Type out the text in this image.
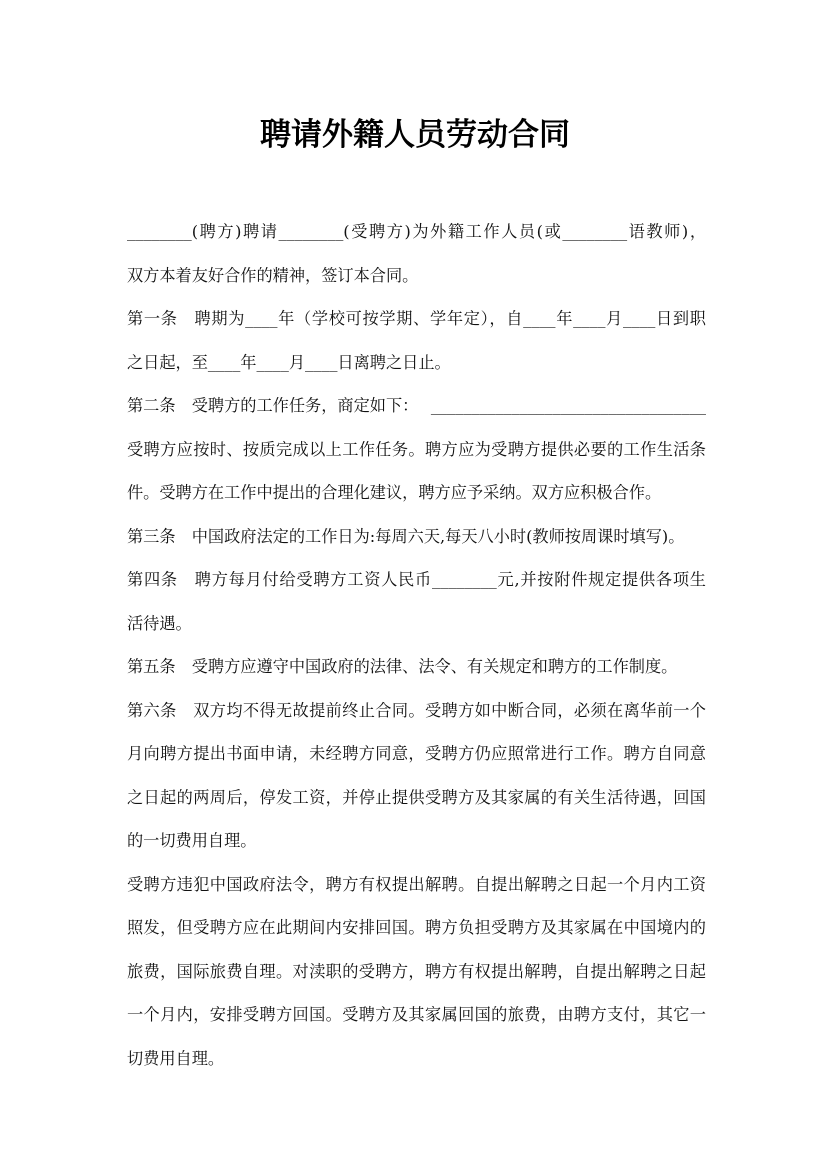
聘请外籍人员劳动合同
________(聘方)聘请________(受聘方)为外籍工作人员(或________语教师)，
双方本着友好合作的精神，签订本合同。
第一条　聘期为____年（学校可按学期、学年定），自____年____月____日到职
之日起，至____年____月____日离聘之日止。
第二条　受聘方的工作任务，商定如下： __________________________________
受聘方应按时、按质完成以上工作任务。聘方应为受聘方提供必要的工作生活条
件。受聘方在工作中提出的合理化建议，聘方应予采纳。双方应积极合作。
第三条　中国政府法定的工作日为:每周六天,每天八小时(教师按周课时填写)。
第四条　聘方每月付给受聘方工资人民币________元,并按附件规定提供各项生
活待遇。
第五条　受聘方应遵守中国政府的法律、法令、有关规定和聘方的工作制度。
第六条　双方均不得无故提前终止合同。受聘方如中断合同，必须在离华前一个
月向聘方提出书面申请，未经聘方同意，受聘方仍应照常进行工作。聘方自同意
之日起的两周后，停发工资，并停止提供受聘方及其家属的有关生活待遇，回国
的一切费用自理。
受聘方违犯中国政府法令，聘方有权提出解聘。自提出解聘之日起一个月内工资
照发，但受聘方应在此期间内安排回国。聘方负担受聘方及其家属在中国境内的
旅费，国际旅费自理。对渎职的受聘方，聘方有权提出解聘，自提出解聘之日起
一个月内，安排受聘方回国。受聘方及其家属回国的旅费，由聘方支付，其它一
切费用自理。
